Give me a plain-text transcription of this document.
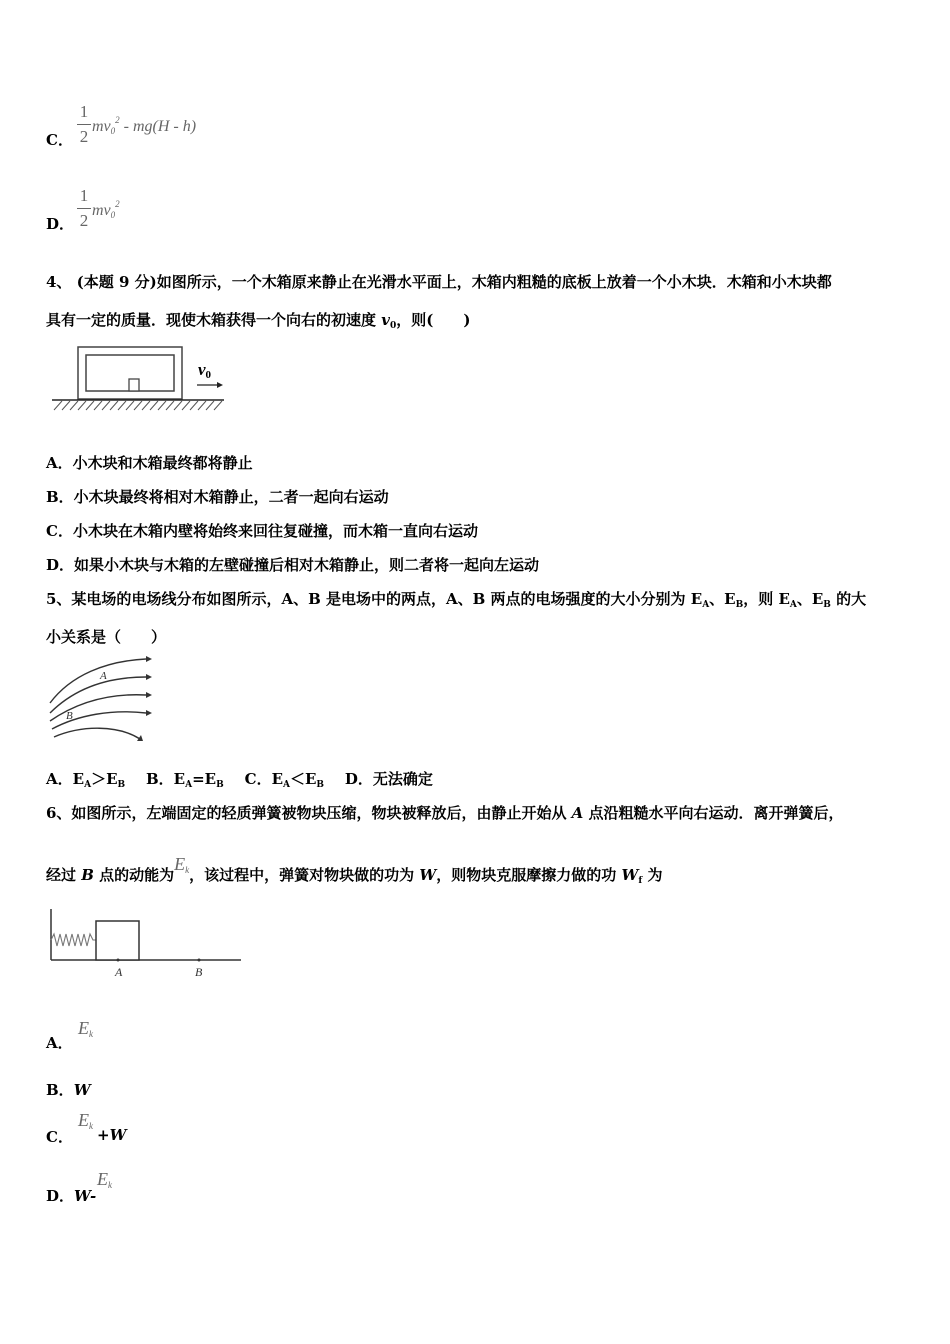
C．
1
2
$mv_0^2 - mg(H - h)$
D．
1
2
$mv_0^2$
4、 (本题 9 分)如图所示，一个木箱原来静止在光滑水平面上，木箱内粗糙的底板上放着一个小木块．木箱和小木块都
具有一定的质量．现使木箱获得一个向右的初速度 $v_0$，则(　　)
v0
A．小木块和木箱最终都将静止
B．小木块最终将相对木箱静止，二者一起向右运动
C．小木块在木箱内壁将始终来回往复碰撞，而木箱一直向右运动
D．如果小木块与木箱的左壁碰撞后相对木箱静止，则二者将一起向左运动
5、某电场的电场线分布如图所示，A、B 是电场中的两点，A、B 两点的电场强度的大小分别为 $E_A$、$E_B$，则 $E_A$、$E_B$ 的大
小关系是（　　）
A
B
A．$E_A>E_B$ B．$E_A=E_B$ C．$E_A<E_B$ D．无法确定
6、如图所示，左端固定的轻质弹簧被物块压缩，物块被释放后，由静止开始从 A 点沿粗糙水平向右运动．离开弹簧后，
经过 B 点的动能为$E_k$，该过程中，弹簧对物块做的功为 W，则物块克服摩擦力做的功 $W_f$ 为
A	B
A．
$E_k$
B．W
C．
$E_k +W$
D．W-
$E_k$
